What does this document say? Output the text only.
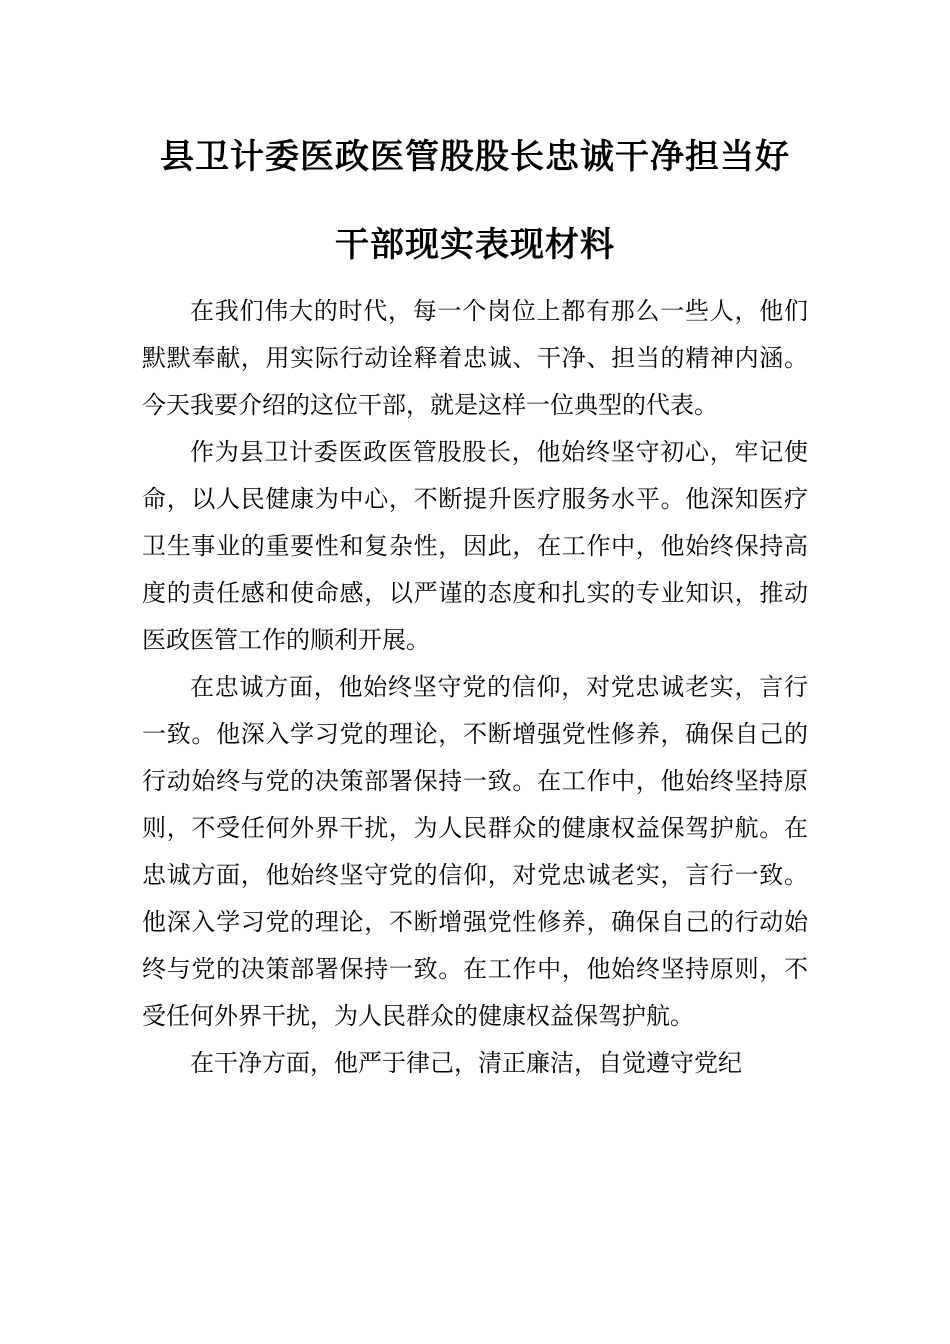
县卫计委医政医管股股长忠诚干净担当好
干部现实表现材料

在我们伟大的时代，每一个岗位上都有那么一些人，他们默默奉献，用实际行动诠释着忠诚、干净、担当的精神内涵。今天我要介绍的这位干部，就是这样一位典型的代表。

作为县卫计委医政医管股股长，他始终坚守初心，牢记使命，以人民健康为中心，不断提升医疗服务水平。他深知医疗卫生事业的重要性和复杂性，因此，在工作中，他始终保持高度的责任感和使命感，以严谨的态度和扎实的专业知识，推动医政医管工作的顺利开展。

在忠诚方面，他始终坚守党的信仰，对党忠诚老实，言行一致。他深入学习党的理论，不断增强党性修养，确保自己的行动始终与党的决策部署保持一致。在工作中，他始终坚持原则，不受任何外界干扰，为人民群众的健康权益保驾护航。在忠诚方面，他始终坚守党的信仰，对党忠诚老实，言行一致。他深入学习党的理论，不断增强党性修养，确保自己的行动始终与党的决策部署保持一致。在工作中，他始终坚持原则，不受任何外界干扰，为人民群众的健康权益保驾护航。

在干净方面，他严于律己，清正廉洁，自觉遵守党纪
